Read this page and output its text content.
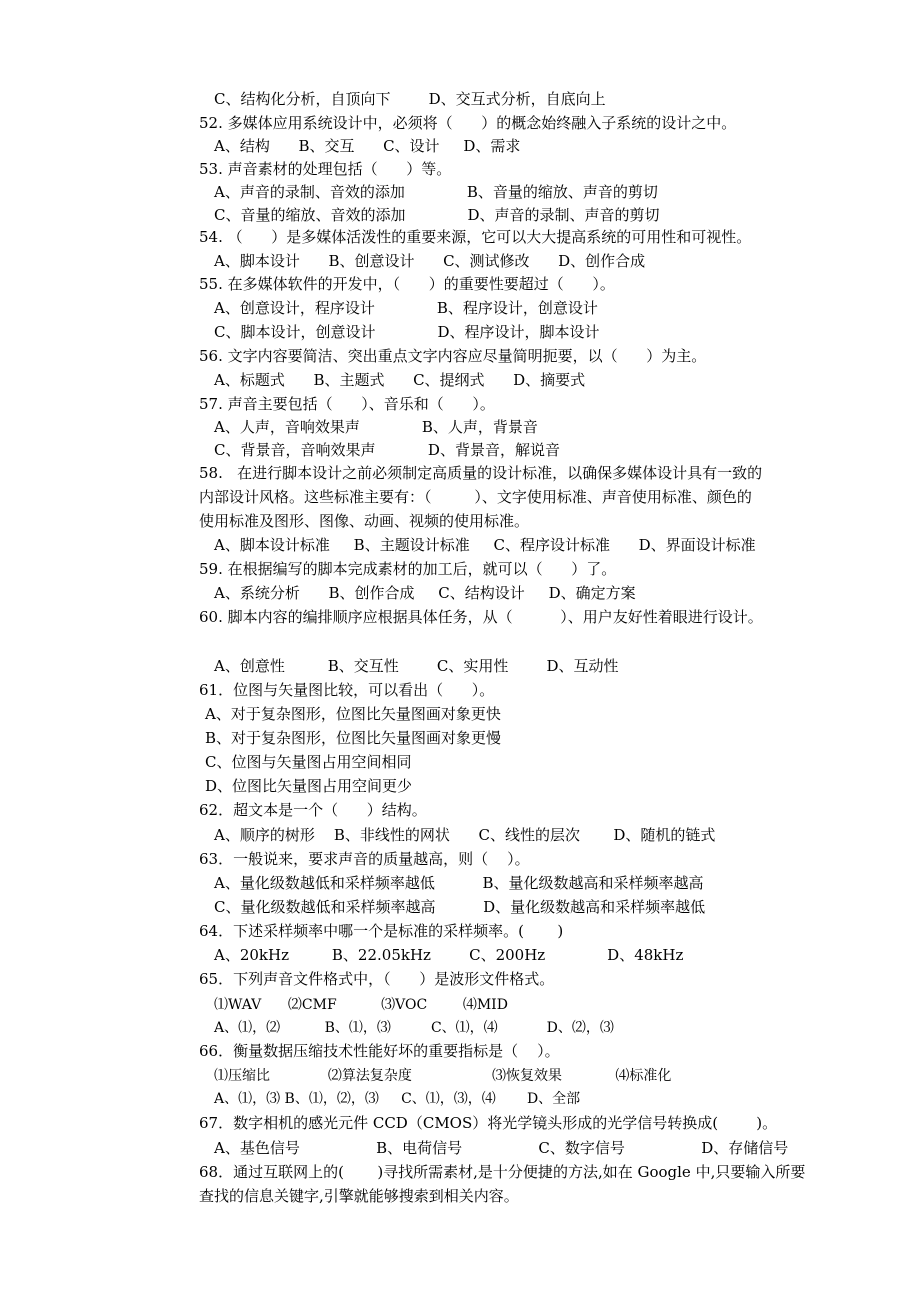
C、结构化分析，自顶向下        D、交互式分析，自底向上
52. 多媒体应用系统设计中，必须将（      ）的概念始终融入子系统的设计之中。
A、结构      B、交互      C、设计     D、需求
53. 声音素材的处理包括（      ）等。
A、声音的录制、音效的添加             B、音量的缩放、声音的剪切
C、音量的缩放、音效的添加             D、声音的录制、声音的剪切
54. （      ）是多媒体活泼性的重要来源，它可以大大提高系统的可用性和可视性。
A、脚本设计      B、创意设计      C、测试修改      D、创作合成
55. 在多媒体软件的开发中，（      ）的重要性要超过（      ）。
A、创意设计，程序设计             B、程序设计，创意设计
C、脚本设计，创意设计             D、程序设计，脚本设计
56. 文字内容要简洁、突出重点文字内容应尽量简明扼要，以（      ）为主。
A、标题式      B、主题式      C、提纲式      D、摘要式
57. 声音主要包括（      ）、音乐和（      ）。
A、人声，音响效果声             B、人声，背景音
C、背景音，音响效果声           D、背景音，解说音
58.   在进行脚本设计之前必须制定高质量的设计标准，以确保多媒体设计具有一致的
内部设计风格。这些标准主要有：（         ）、文字使用标准、声音使用标准、颜色的
使用标准及图形、图像、动画、视频的使用标准。
A、脚本设计标准     B、主题设计标准     C、程序设计标准      D、界面设计标准
59. 在根据编写的脚本完成素材的加工后，就可以（      ）了。
A、系统分析      B、创作合成     C、结构设计     D、确定方案
60. 脚本内容的编排顺序应根据具体任务，从（          ）、用户友好性着眼进行设计。
A、创意性         B、交互性        C、实用性        D、互动性
61．位图与矢量图比较，可以看出（      ）。
A、对于复杂图形，位图比矢量图画对象更快
B、对于复杂图形，位图比矢量图画对象更慢
C、位图与矢量图占用空间相同
D、位图比矢量图占用空间更少
62．超文本是一个（      ）结构。
A、顺序的树形    B、非线性的网状      C、线性的层次       D、随机的链式
63．一般说来，要求声音的质量越高，则（    ）。
A、量化级数越低和采样频率越低          B、量化级数越高和采样频率越高
C、量化级数越低和采样频率越高          D、量化级数越高和采样频率越低
64．下述采样频率中哪一个是标准的采样频率。(       )
A、20kHz         B、22.05kHz        C、200Hz             D、48kHz
65．下列声音文件格式中，（      ）是波形文件格式。
⑴WAV      ⑵CMF          ⑶VOC        ⑷MID
A、⑴，⑵          B、⑴，⑶         C、⑴，⑷           D、⑵，⑶
66．衡量数据压缩技术性能好坏的重要指标是（    ）。
⑴压缩比             ⑵算法复杂度                  ⑶恢复效果            ⑷标准化
A、⑴，⑶ B、⑴，⑵，⑶     C、⑴，⑶，⑷       D、全部
67．数字相机的感光元件 CCD（CMOS）将光学镜头形成的光学信号转换成(        )。
A、基色信号                B、电荷信号                C、数字信号                D、存储信号
68．通过互联网上的(       )寻找所需素材,是十分便捷的方法,如在 Google 中,只要输入所要
查找的信息关键字,引擎就能够搜索到相关内容。
